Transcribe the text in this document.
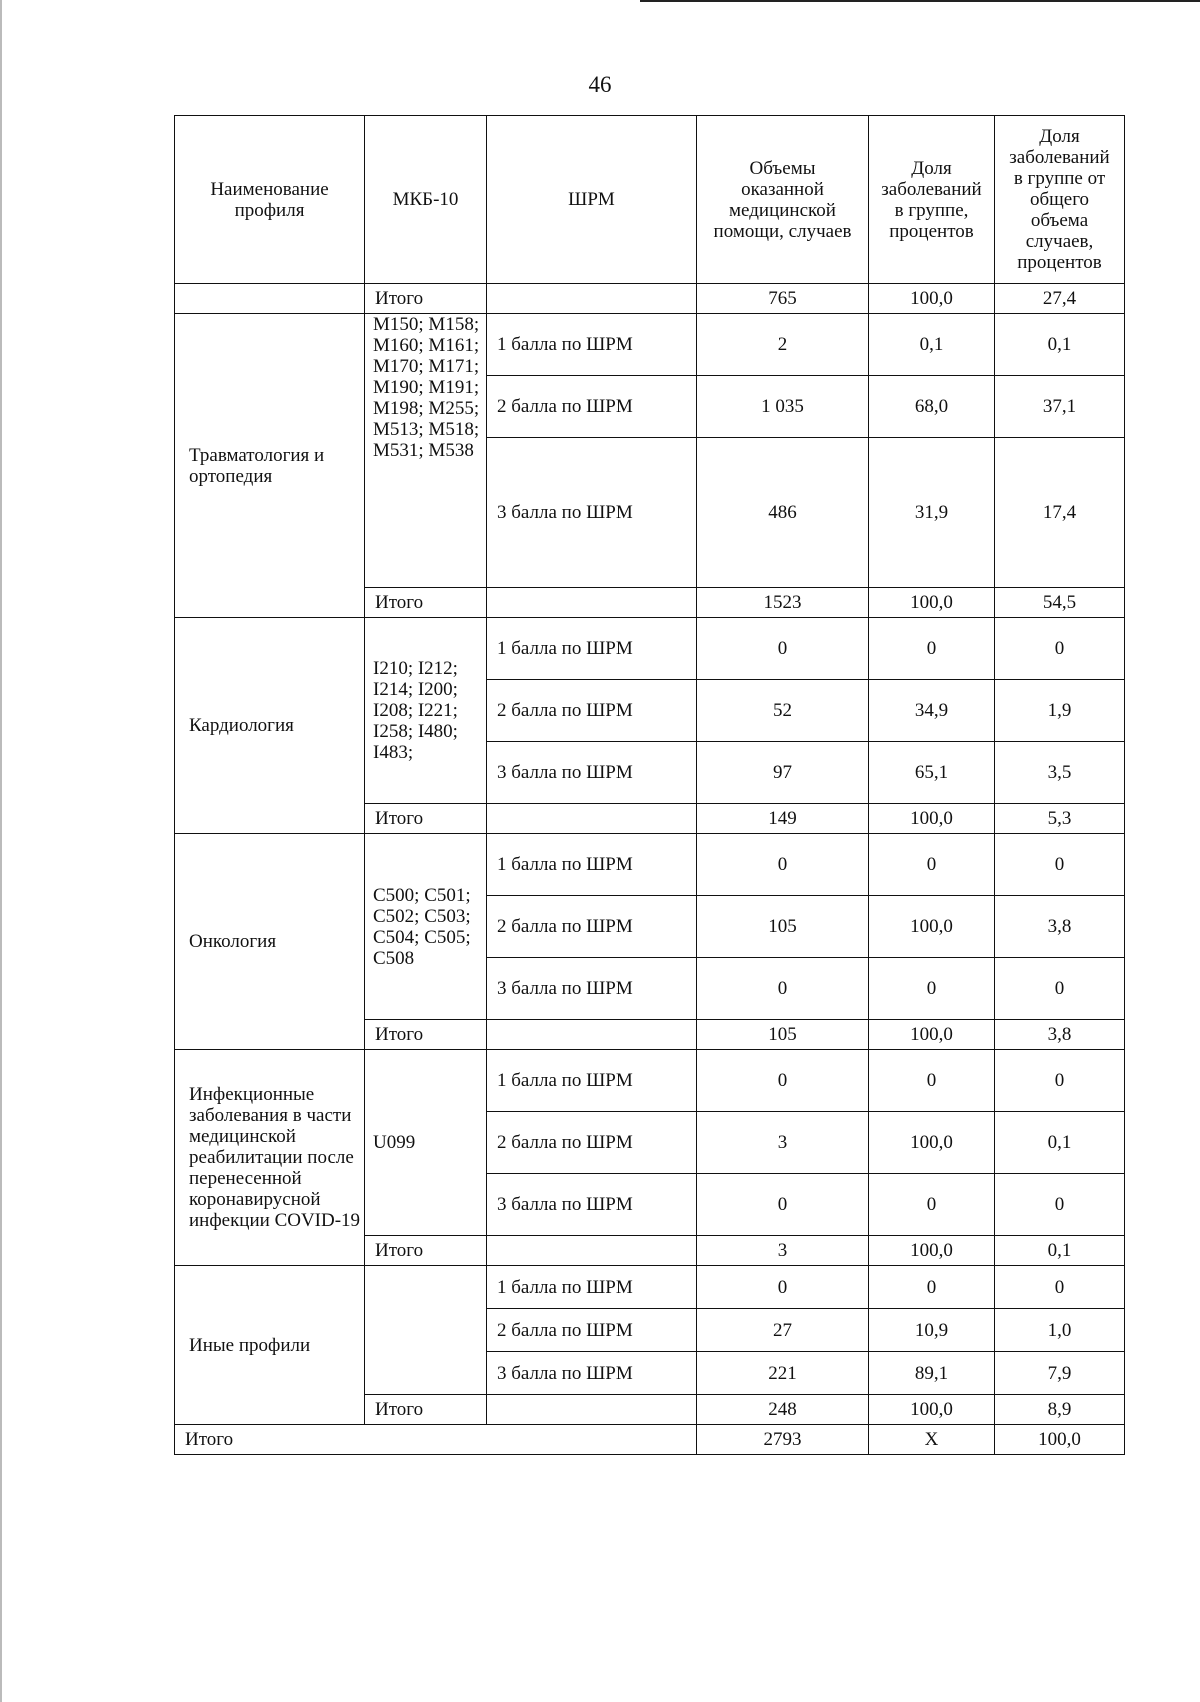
46
Наименование профиля	МКБ-10	ШРМ	Объемы оказанной медицинской помощи, случаев	Доля заболеваний в группе, процентов	Доля заболеваний в группе от общего объема случаев, процентов
	Итого		765	100,0	27,4
Травматология и ортопедия	M150; M158; M160; M161; M170; M171; M190; M191; M198; M255; M513; M518; M531; M538	1 балла по ШРМ	2	0,1	0,1
		2 балла по ШРМ	1 035	68,0	37,1
		3 балла по ШРМ	486	31,9	17,4
	Итого		1523	100,0	54,5
Кардиология	I210; I212; I214; I200; I208; I221; I258; I480; I483;	1 балла по ШРМ	0	0	0
		2 балла по ШРМ	52	34,9	1,9
		3 балла по ШРМ	97	65,1	3,5
	Итого		149	100,0	5,3
Онкология	C500; C501; C502; C503; C504; C505; C508	1 балла по ШРМ	0	0	0
		2 балла по ШРМ	105	100,0	3,8
		3 балла по ШРМ	0	0	0
	Итого		105	100,0	3,8
Инфекционные заболевания в части медицинской реабилитации после перенесенной коронавирусной инфекции COVID-19	U099	1 балла по ШРМ	0	0	0
		2 балла по ШРМ	3	100,0	0,1
		3 балла по ШРМ	0	0	0
	Итого		3	100,0	0,1
Иные профили		1 балла по ШРМ	0	0	0
		2 балла по ШРМ	27	10,9	1,0
		3 балла по ШРМ	221	89,1	7,9
	Итого		248	100,0	8,9
Итого			2793	X	100,0
